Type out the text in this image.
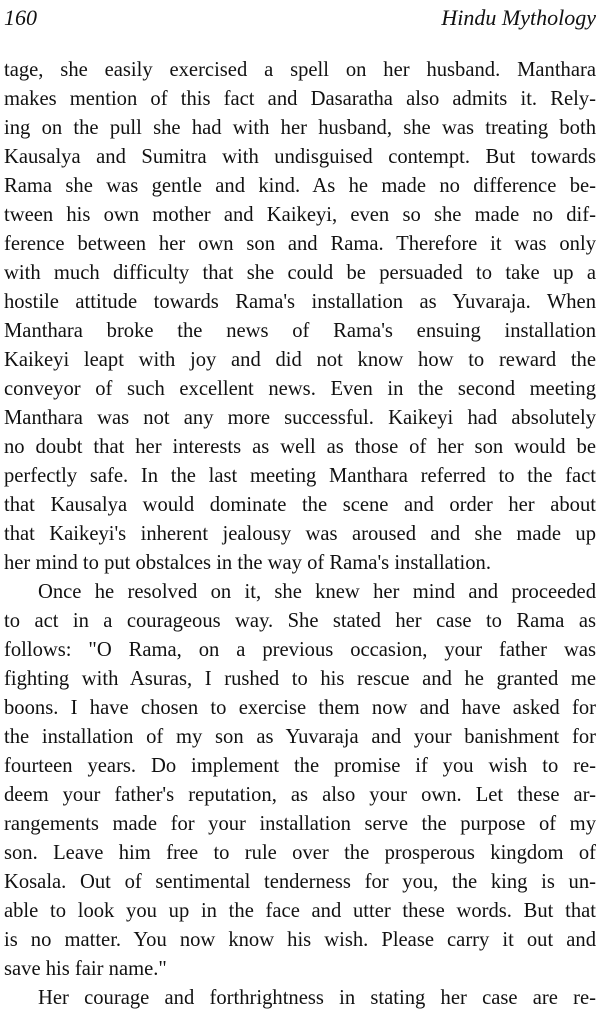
160	Hindu Mythology
tage, she easily exercised a spell on her husband. Manthara
makes mention of this fact and Dasaratha also admits it. Rely-
ing on the pull she had with her husband, she was treating both
Kausalya and Sumitra with undisguised contempt. But towards
Rama she was gentle and kind. As he made no difference be-
tween his own mother and Kaikeyi, even so she made no dif-
ference between her own son and Rama. Therefore it was only
with much difficulty that she could be persuaded to take up a
hostile attitude towards Rama's installation as Yuvaraja. When
Manthara broke the news of Rama's ensuing installation
Kaikeyi leapt with joy and did not know how to reward the
conveyor of such excellent news. Even in the second meeting
Manthara was not any more successful. Kaikeyi had absolutely
no doubt that her interests as well as those of her son would be
perfectly safe. In the last meeting Manthara referred to the fact
that Kausalya would dominate the scene and order her about
that Kaikeyi's inherent jealousy was aroused and she made up
her mind to put obstalces in the way of Rama's installation.
Once he resolved on it, she knew her mind and proceeded
to act in a courageous way. She stated her case to Rama as
follows: "O Rama, on a previous occasion, your father was
fighting with Asuras, I rushed to his rescue and he granted me
boons. I have chosen to exercise them now and have asked for
the installation of my son as Yuvaraja and your banishment for
fourteen years. Do implement the promise if you wish to re-
deem your father's reputation, as also your own. Let these ar-
rangements made for your installation serve the purpose of my
son. Leave him free to rule over the prosperous kingdom of
Kosala. Out of sentimental tenderness for you, the king is un-
able to look you up in the face and utter these words. But that
is no matter. You now know his wish. Please carry it out and
save his fair name."
Her courage and forthrightness in stating her case are re-
